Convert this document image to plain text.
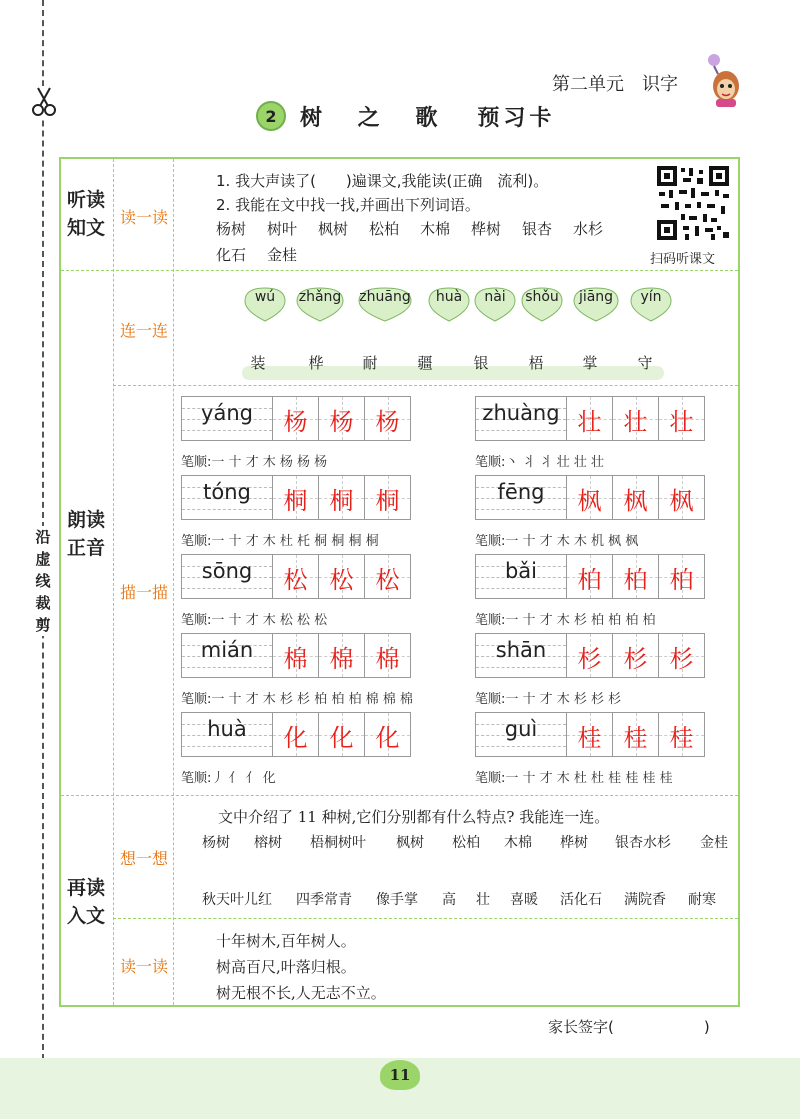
沿虚线裁剪
第二单元　识字
2	树 之 歌 预习卡
听读知文 读一读
1. 我大声读了(　　)遍课文,我能读(正确　流利)。
2. 我能在文中找一找,并画出下列词语。
杨树	树叶	枫树	松柏	木棉	桦树	银杏	水杉
化石	金桂	扫码听课文
朗读正音
连一连
描一描
wú	zhǎng	zhuāng	huà	nài	shǒu	jiāng	yín
装	桦	耐	疆	银	梧	掌	守
yáng	杨 杨 杨
笔顺:一 十 才 木 杨 杨 杨
tóng	桐 桐 桐
笔顺:一 十 才 木 杜 杔 桐 桐 桐 桐
sōng	松 松 松
笔顺:一 十 才 木 松 松 松
mián	棉 棉 棉
笔顺:一 十 才 木 杉 杉 柏 柏 柏 棉 棉 棉
huà	化 化 化
笔顺:丿 亻 亻 化
zhuàng 壮 壮 壮
笔顺:丶 丬 丬 壮 壮 壮
fēng	枫 枫 枫
笔顺:一 十 才 木 木 机 枫 枫
bǎi	柏 柏 柏
笔顺:一 十 才 木 杉 柏 柏 柏 柏
shān	杉 杉 杉
笔顺:一 十 才 木 杉 杉 杉
guì	桂 桂 桂
笔顺:一 十 才 木 杜 杜 桂 桂 桂 桂
再读入文
想一想
读一读
文中介绍了 11 种树,它们分别都有什么特点? 我能连一连。
杨树	榕树	梧桐树叶	枫树	松柏	木棉	桦树	银杏水杉	金桂
秋天叶儿红	四季常青	像手掌	高	壮	喜暖	活化石	满院香	耐寒
十年树木,百年树人。
树高百尺,叶落归根。
树无根不长,人无志不立。
家长签字(　　　　　　)
11
